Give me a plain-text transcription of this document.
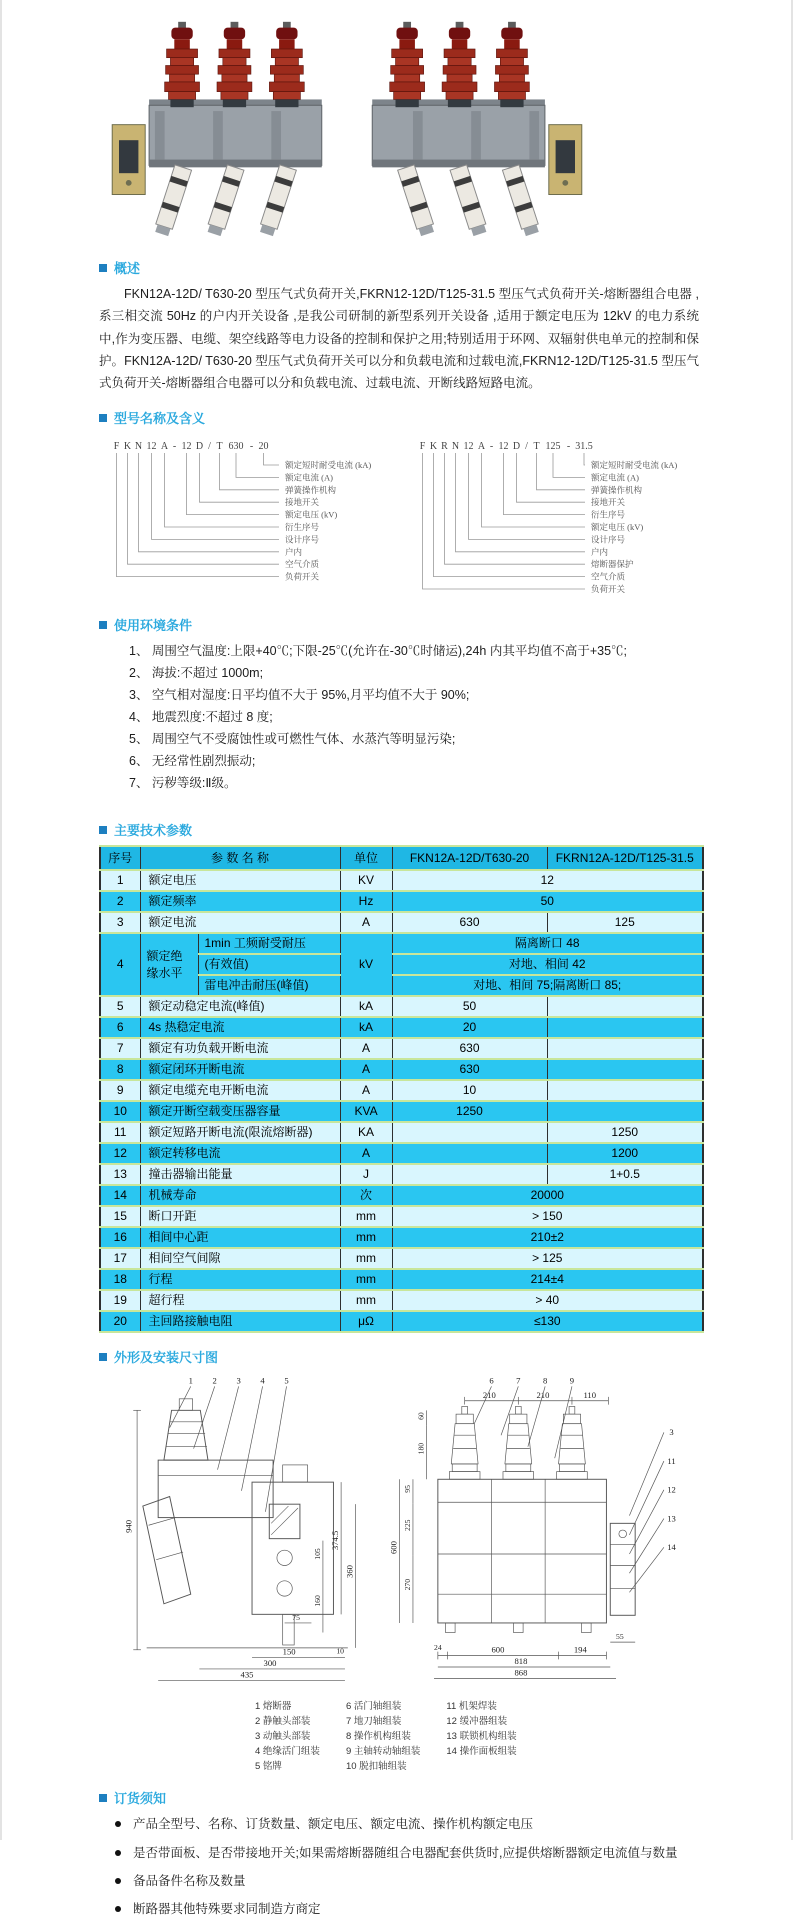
概述

FKN12A-12D/ T630-20 型压气式负荷开关,FKRN12-12D/T125-31.5 型压气式负荷开关-熔断器组合电器 ,系三相交流 50Hz 的户内开关设备 ,是我公司研制的新型系列开关设备 ,适用于额定电压为 12kV 的电力系统中,作为变压器、电缆、架空线路等电力设备的控制和保护之用;特别适用于环网、双辐射供电单元的控制和保护。FKN12A-12D/ T630-20 型压气式负荷开关可以分和负载电流和过载电流,FKRN12-12D/T125-31.5 型压气式负荷开关-熔断器组合电器可以分和负载电流、过载电流、开断线路短路电流。

型号名称及含义
F K N 12 A - 12 D / T 630 - 20
额定短时耐受电流 (kA)
额定电流 (A)
弹簧操作机构
接地开关
额定电压 (kV)
衍生序号
设计序号
户内
空气介质
负荷开关
F K R N 12 A - 12 D / T 125 - 31.5
额定短时耐受电流 (kA)
额定电流 (A)
弹簧操作机构
接地开关
衍生序号
额定电压 (kV)
设计序号
户内
熔断器保护
空气介质
负荷开关
使用环境条件
1、 周围空气温度:上限+40℃;下限-25℃(允许在-30℃时储运),24h 内其平均值不高于+35℃;
2、 海拔:不超过 1000m;
3、 空气相对湿度:日平均值不大于 95%,月平均值不大于 90%;
4、 地震烈度:不超过 8 度;
5、 周围空气不受腐蚀性或可燃性气体、水蒸汽等明显污染;
6、 无经常性剧烈振动;
7、 污秽等级:Ⅱ级。
主要技术参数
序号	参 数 名 称		单位	FKN12A-12D/T630-20	FKRN12A-12D/T125-31.5
1	额定电压		KV	12	
2	额定频率		Hz	50	
3	额定电流		A	630	125
4	额定绝缘水平	1min 工频耐受耐压	kV	隔离断口 48	
		(有效值)		对地、相间 42	
		雷电冲击耐压(峰值)		对地、相间 75;隔离断口 85;	
5	额定动稳定电流(峰值)		kA	50	
6	4s 热稳定电流		kA	20	
7	额定有功负载开断电流		A	630	
8	额定闭环开断电流		A	630	
9	额定电缆充电开断电流		A	10	
10	额定开断空载变压器容量		KVA	1250	
11	额定短路开断电流(限流熔断器)		KA		1250
12	额定转移电流		A		1200
13	撞击器输出能量		J		1+0.5
14	机械寿命		次	20000	
15	断口开距		mm	> 150	
16	相间中心距		mm	210±2	
17	相间空气间隙		mm	> 125	
18	行程		mm	214±4	
19	超行程		mm	> 40	
20	主回路接触电阻		μΩ	≤130	
外形及安装尺寸图
940
374.5
360
105
160
75
150	10
300
435
210	210	110
60
180
95
225
270
600
55
24	600	194
818
868
1 2 3 4 5	6	7	8	9
3
11
12
13
14
1 熔断器
2 静触头部装
3 动触头部装
4 绝缘活门组装
5 铭牌
6 活门轴组装
7 地刀轴组装
8 操作机构组装
9 主轴转动轴组装
10 脱扣轴组装
11 机架焊装
12 缓冲器组装
13 联锁机构组装
14 操作面板组装
订货须知
产品全型号、名称、订货数量、额定电压、额定电流、操作机构额定电压
是否带面板、是否带接地开关;如果需熔断器随组合电器配套供货时,应提供熔断器额定电流值与数量
备品备件名称及数量
断路器其他特殊要求同制造方商定
